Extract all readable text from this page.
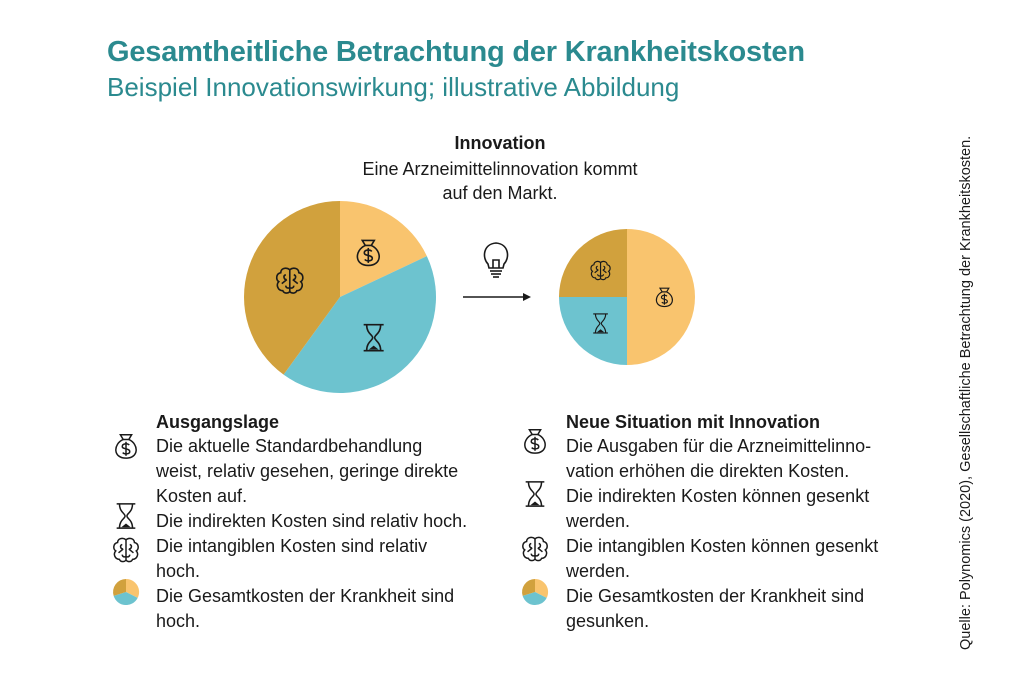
Gesamtheitliche Betrachtung der Krankheitskosten
Beispiel Innovationswirkung; illustrative Abbildung
Innovation
Eine Arzneimittelinnovation kommt auf den Markt.
Ausgangslage
Die aktuelle Standardbehandlung
weist, relativ gesehen, geringe direkte
Kosten auf.
Die indirekten Kosten sind relativ hoch.
Die intangiblen Kosten sind relativ
hoch.
Die Gesamtkosten der Krankheit sind
hoch.
Neue Situation mit Innovation
Die Ausgaben für die Arzneimittelinno-
vation erhöhen die direkten Kosten.
Die indirekten Kosten können gesenkt
werden.
Die intangiblen Kosten können gesenkt
werden.
Die Gesamtkosten der Krankheit sind
gesunken.	Quelle: Polynomics (2020), Gesellschaftliche Betrachtung der Krankheitskosten.
